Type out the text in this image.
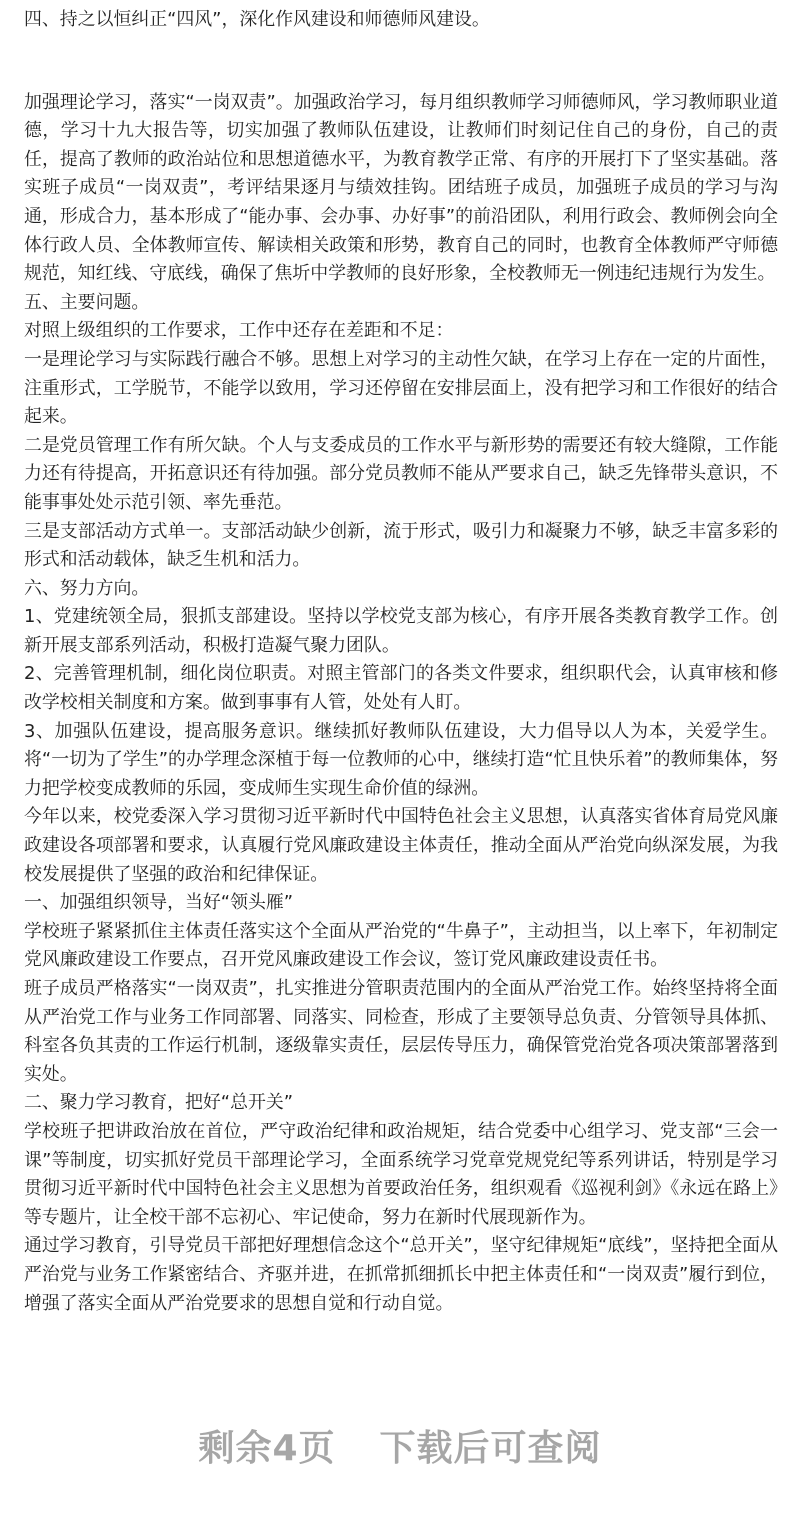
四、持之以恒纠正“四风”，深化作风建设和师德师风建设。

加强理论学习，落实“一岗双责”。加强政治学习，每月组织教师学习师德师风，学习教师职业道德，学习十九大报告等，切实加强了教师队伍建设，让教师们时刻记住自己的身份，自己的责任，提高了教师的政治站位和思想道德水平，为教育教学正常、有序的开展打下了坚实基础。落实班子成员“一岗双责”，考评结果逐月与绩效挂钩。团结班子成员，加强班子成员的学习与沟通，形成合力，基本形成了“能办事、会办事、办好事”的前沿团队，利用行政会、教师例会向全体行政人员、全体教师宣传、解读相关政策和形势，教育自己的同时，也教育全体教师严守师德规范，知红线、守底线，确保了焦圻中学教师的良好形象，全校教师无一例违纪违规行为发生。

五、主要问题。

对照上级组织的工作要求，工作中还存在差距和不足：

一是理论学习与实际践行融合不够。思想上对学习的主动性欠缺，在学习上存在一定的片面性，注重形式，工学脱节，不能学以致用，学习还停留在安排层面上，没有把学习和工作很好的结合起来。

二是党员管理工作有所欠缺。个人与支委成员的工作水平与新形势的需要还有较大缝隙，工作能力还有待提高，开拓意识还有待加强。部分党员教师不能从严要求自己，缺乏先锋带头意识，不能事事处处示范引领、率先垂范。

三是支部活动方式单一。支部活动缺少创新，流于形式，吸引力和凝聚力不够，缺乏丰富多彩的形式和活动载体，缺乏生机和活力。

六、努力方向。

1、党建统领全局，狠抓支部建设。坚持以学校党支部为核心，有序开展各类教育教学工作。创新开展支部系列活动，积极打造凝气聚力团队。

2、完善管理机制，细化岗位职责。对照主管部门的各类文件要求，组织职代会，认真审核和修改学校相关制度和方案。做到事事有人管，处处有人盯。

3、加强队伍建设，提高服务意识。继续抓好教师队伍建设，大力倡导以人为本，关爱学生。将“一切为了学生”的办学理念深植于每一位教师的心中，继续打造“忙且快乐着”的教师集体，努力把学校变成教师的乐园，变成师生实现生命价值的绿洲。

今年以来，校党委深入学习贯彻习近平新时代中国特色社会主义思想，认真落实省体育局党风廉政建设各项部署和要求，认真履行党风廉政建设主体责任，推动全面从严治党向纵深发展，为我校发展提供了坚强的政治和纪律保证。

一、加强组织领导，当好“领头雁”

学校班子紧紧抓住主体责任落实这个全面从严治党的“牛鼻子”，主动担当，以上率下，年初制定党风廉政建设工作要点，召开党风廉政建设工作会议，签订党风廉政建设责任书。

班子成员严格落实“一岗双责”，扎实推进分管职责范围内的全面从严治党工作。始终坚持将全面从严治党工作与业务工作同部署、同落实、同检查，形成了主要领导总负责、分管领导具体抓、科室各负其责的工作运行机制，逐级靠实责任，层层传导压力，确保管党治党各项决策部署落到实处。

二、聚力学习教育，把好“总开关”

学校班子把讲政治放在首位，严守政治纪律和政治规矩，结合党委中心组学习、党支部“三会一课”等制度，切实抓好党员干部理论学习，全面系统学习党章党规党纪等系列讲话，特别是学习贯彻习近平新时代中国特色社会主义思想为首要政治任务，组织观看《巡视利剑》《永远在路上》等专题片，让全校干部不忘初心、牢记使命，努力在新时代展现新作为。

通过学习教育，引导党员干部把好理想信念这个“总开关”，坚守纪律规矩“底线”，坚持把全面从严治党与业务工作紧密结合、齐驱并进，在抓常抓细抓长中把主体责任和“一岗双责”履行到位，增强了落实全面从严治党要求的思想自觉和行动自觉。

剩余4页 下载后可查阅
